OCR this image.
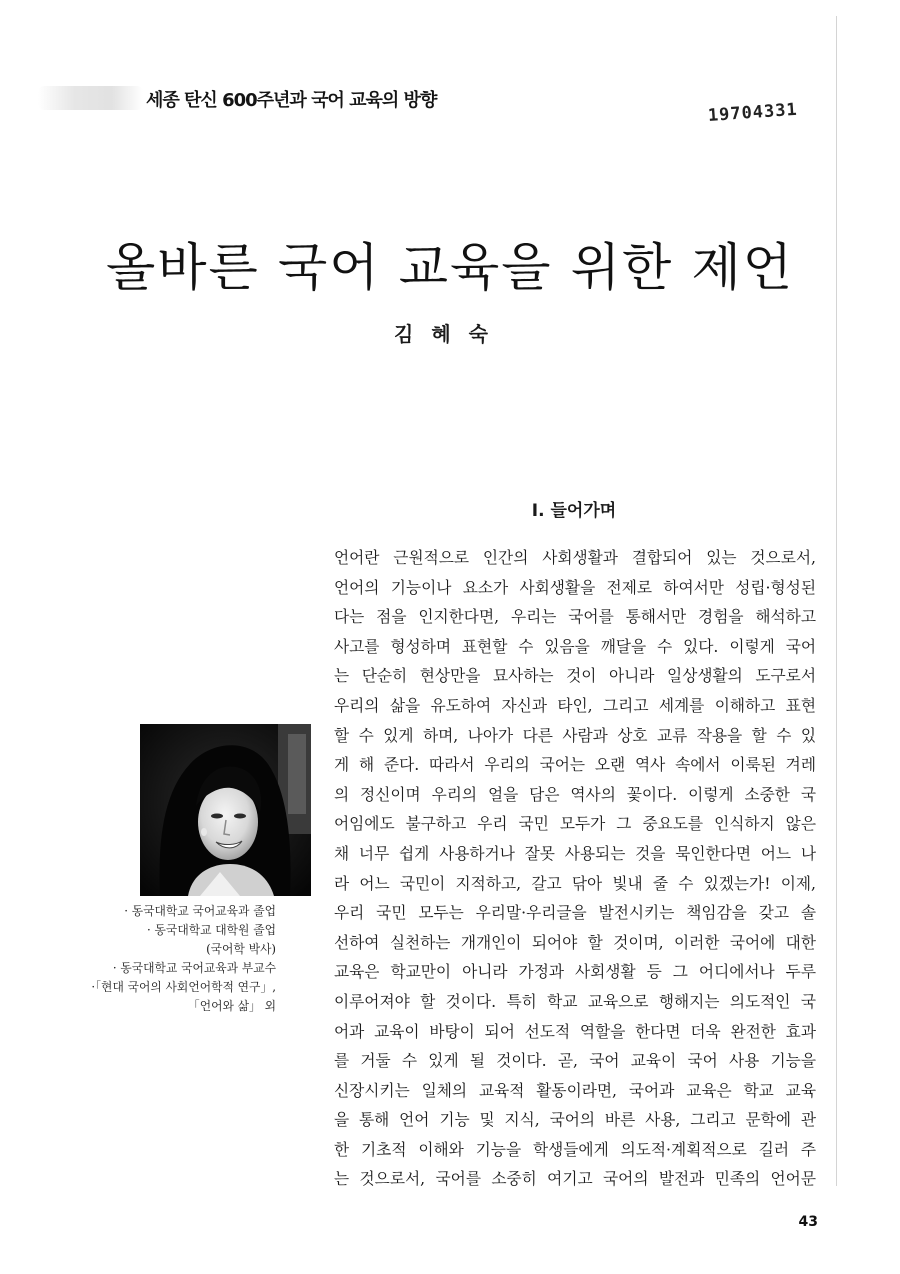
세종 탄신 600주년과 국어 교육의 방향	19704331
올바른 국어 교육을 위한 제언
김혜숙
Ⅰ. 들어가며

언어란 근원적으로 인간의 사회생활과 결합되어 있는 것으로서,
언어의 기능이나 요소가 사회생활을 전제로 하여서만 성립·형성된
다는 점을 인지한다면, 우리는 국어를 통해서만 경험을 해석하고
사고를 형성하며 표현할 수 있음을 깨달을 수 있다. 이렇게 국어
는 단순히 현상만을 묘사하는 것이 아니라 일상생활의 도구로서
우리의 삶을 유도하여 자신과 타인, 그리고 세계를 이해하고 표현
할 수 있게 하며, 나아가 다른 사람과 상호 교류 작용을 할 수 있
게 해 준다. 따라서 우리의 국어는 오랜 역사 속에서 이룩된 겨레
의 정신이며 우리의 얼을 담은 역사의 꽃이다. 이렇게 소중한 국
어임에도 불구하고 우리 국민 모두가 그 중요도를 인식하지 않은
채 너무 쉽게 사용하거나 잘못 사용되는 것을 묵인한다면 어느 나
라 어느 국민이 지적하고, 갈고 닦아 빛내 줄 수 있겠는가! 이제,
우리 국민 모두는 우리말·우리글을 발전시키는 책임감을 갖고 솔
선하여 실천하는 개개인이 되어야 할 것이며, 이러한 국어에 대한
교육은 학교만이 아니라 가정과 사회생활 등 그 어디에서나 두루
이루어져야 할 것이다. 특히 학교 교육으로 행해지는 의도적인 국
어과 교육이 바탕이 되어 선도적 역할을 한다면 더욱 완전한 효과
를 거둘 수 있게 될 것이다. 곧, 국어 교육이 국어 사용 기능을
신장시키는 일체의 교육적 활동이라면, 국어과 교육은 학교 교육
을 통해 언어 기능 및 지식, 국어의 바른 사용, 그리고 문학에 관
한 기초적 이해와 기능을 학생들에게 의도적·계획적으로 길러 주
는 것으로서, 국어를 소중히 여기고 국어의 발전과 민족의 언어문

· 동국대학교 국어교육과 졸업
· 동국대학교 대학원 졸업
(국어학 박사)
· 동국대학교 국어교육과 부교수
·「현대 국어의 사회언어학적 연구」,
「언어와 삶」 외
43
